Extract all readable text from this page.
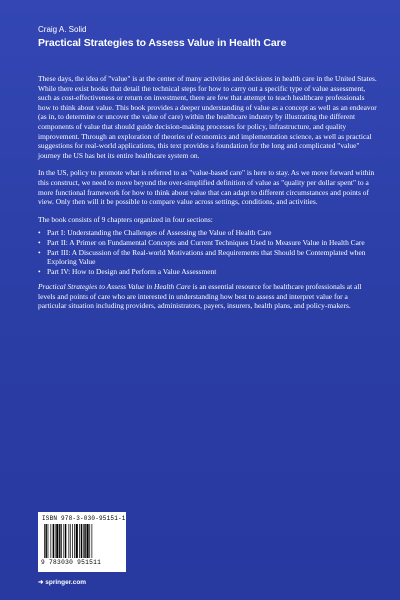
Craig A. Solid
Practical Strategies to Assess Value in Health Care

These days, the idea of "value" is at the center of many activities and decisions in health care in the United States. While there exist books that detail the technical steps for how to carry out a specific type of value assessment, such as cost-effectiveness or return on investment, there are few that attempt to teach healthcare professionals how to think about value. This book provides a deeper understanding of value as a concept as well as an endeavor (as in, to determine or uncover the value of care) within the healthcare industry by illustrating the different components of value that should guide decision-making processes for policy, infrastructure, and quality improvement. Through an exploration of theories of economics and implementation science, as well as practical suggestions for real-world applications, this text provides a foundation for the long and complicated "value" journey the US has bet its entire healthcare system on.

In the US, policy to promote what is referred to as "value-based care" is here to stay. As we move forward within this construct, we need to move beyond the over-simplified definition of value as "quality per dollar spent" to a more functional framework for how to think about value that can adapt to different circumstances and points of view. Only then will it be possible to compare value across settings, conditions, and activities.

The book consists of 9 chapters organized in four sections:

• Part I: Understanding the Challenges of Assessing the Value of Health Care
• Part II: A Primer on Fundamental Concepts and Current Techniques Used to Measure Value in Health Care
• Part III: A Discussion of the Real-world Motivations and Requirements that Should be Contemplated when Exploring Value
• Part IV: How to Design and Perform a Value Assessment

Practical Strategies to Assess Value in Health Care is an essential resource for healthcare professionals at all levels and points of care who are interested in understanding how best to assess and interpret value for a particular situation including providers, administrators, payers, insurers, health plans, and policy-makers.

ISBN 978-3-030-95151-1
9 783030 951511
➜ springer.com
